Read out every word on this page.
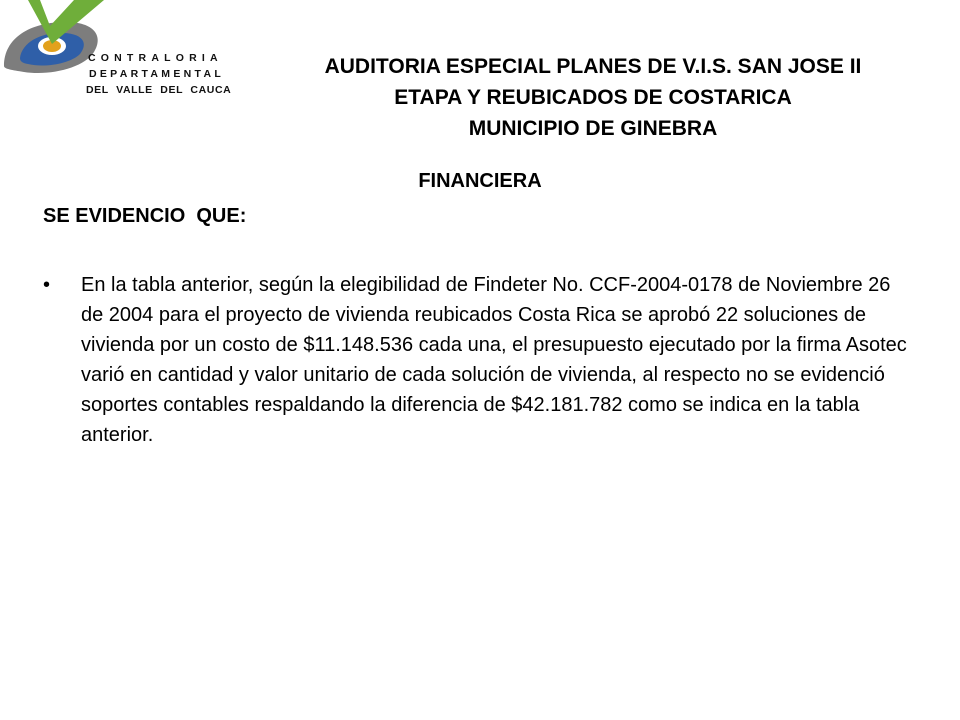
CONTRALORIA
DEPARTAMENTAL
DEL VALLE DEL CAUCA
AUDITORIA ESPECIAL PLANES DE V.I.S. SAN JOSE II
ETAPA Y REUBICADOS DE COSTARICA
MUNICIPIO DE GINEBRA
FINANCIERA
SE EVIDENCIO  QUE:
• En la tabla anterior, según la elegibilidad de Findeter No. CCF-2004-0178 de Noviembre 26 de 2004 para el proyecto de vivienda reubicados Costa Rica se aprobó 22 soluciones de vivienda por un costo de $11.148.536 cada una, el presupuesto ejecutado por la firma Asotec varió en cantidad y valor unitario de cada solución de vivienda, al respecto no se evidenció soportes contables respaldando la diferencia de $42.181.782 como se indica en la tabla anterior.
